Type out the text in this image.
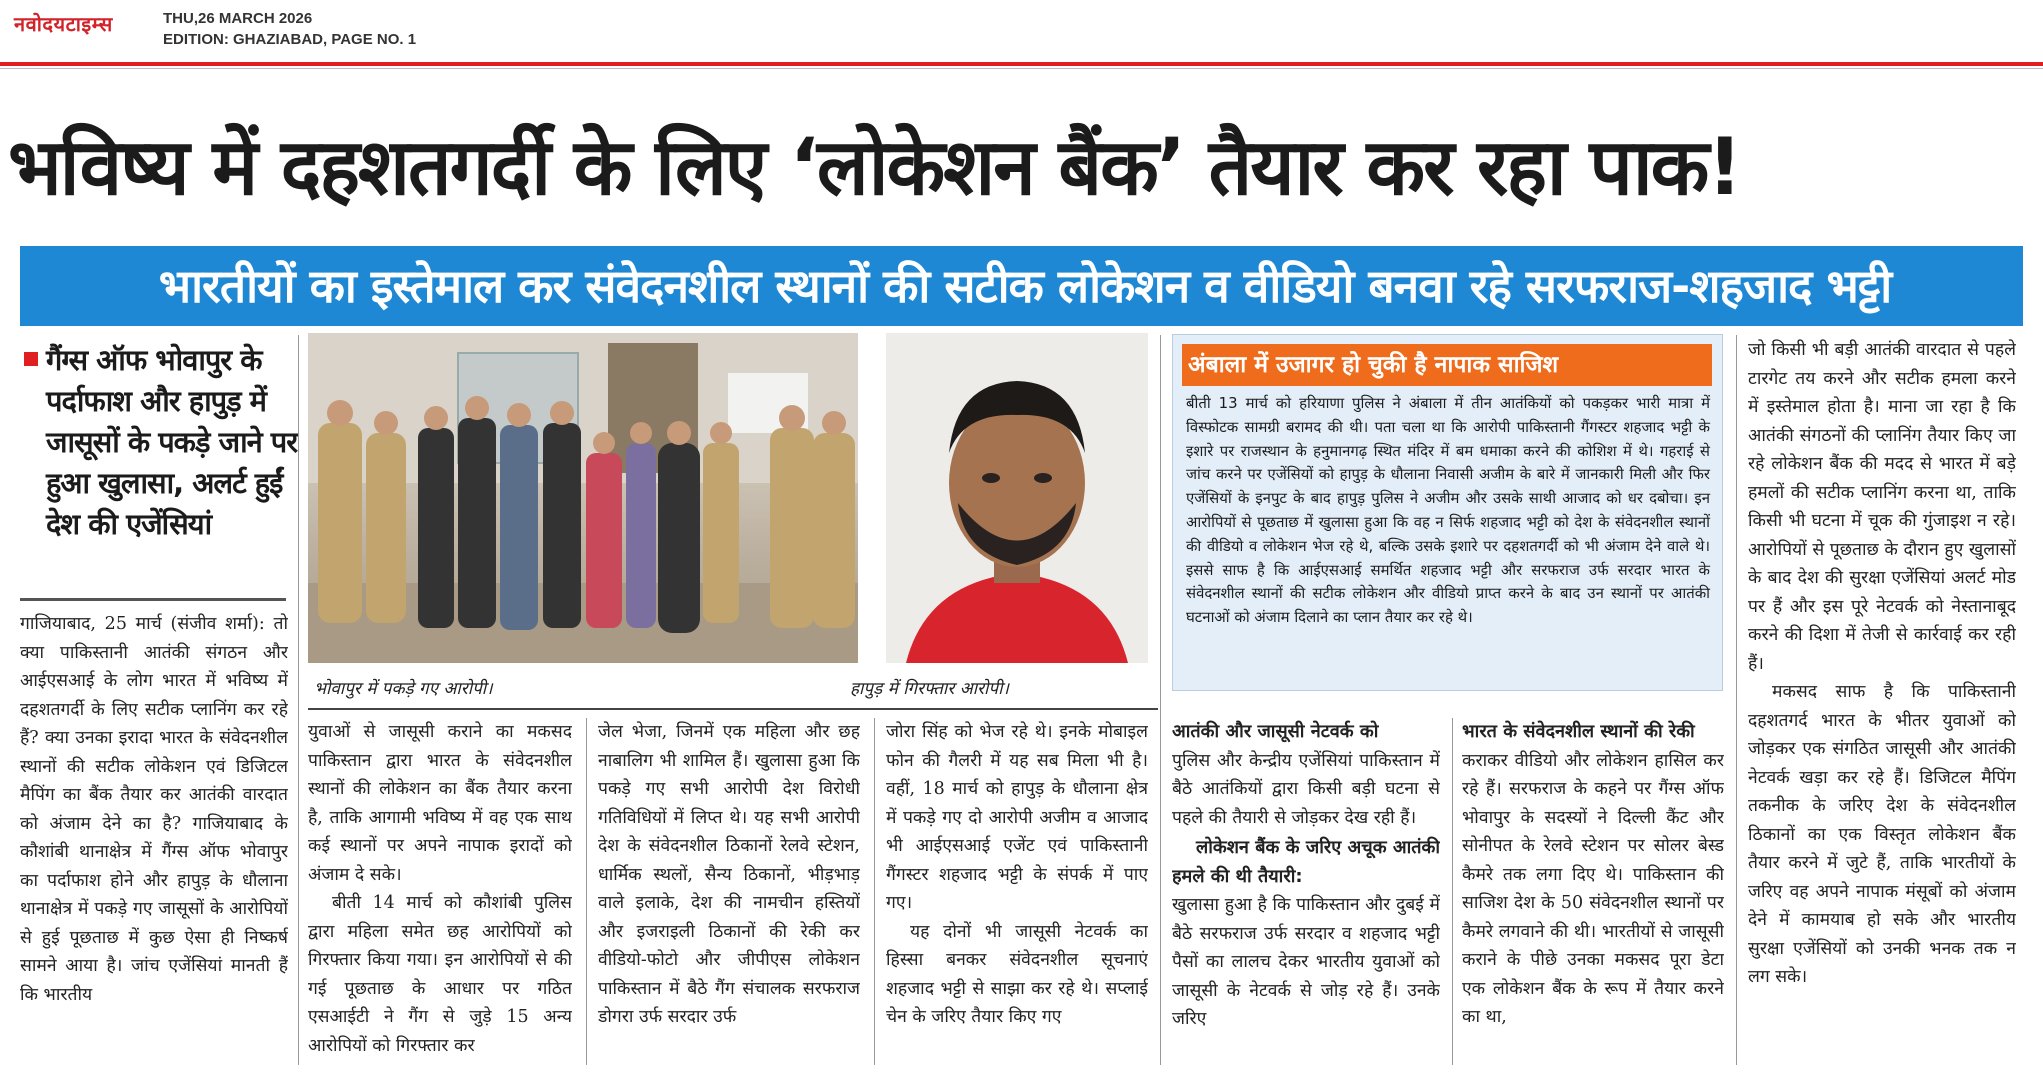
नवोदयटाइम्स	THU,26 MARCH 2026
EDITION: GHAZIABAD, PAGE NO. 1
भविष्य में दहशतगर्दी के लिए ‘लोकेशन बैंक’ तैयार कर रहा पाक!
भारतीयों का इस्तेमाल कर संवेदनशील स्थानों की सटीक लोकेशन व वीडियो बनवा रहे सरफराज-शहजाद भट्टी
गैंग्स ऑफ भोवापुर के पर्दाफाश और हापुड़ में जासूसों के पकड़े जाने पर हुआ खुलासा, अलर्ट हुईं देश की एजेंसियां
गाजियाबाद, 25 मार्च (संजीव शर्मा): तो क्या पाकिस्तानी आतंकी संगठन और आईएसआई के लोग भारत में भविष्य में दहशतगर्दी के लिए सटीक प्लानिंग कर रहे हैं? क्या उनका इरादा भारत के संवेदनशील स्थानों की सटीक लोकेशन एवं डिजिटल मैपिंग का बैंक तैयार कर आतंकी वारदात को अंजाम देने का है? गाजियाबाद के कौशांबी थानाक्षेत्र में गैंग्स ऑफ भोवापुर का पर्दाफाश होने और हापुड़ के धौलाना थानाक्षेत्र में पकड़े गए जासूसों के आरोपियों से हुई पूछताछ में कुछ ऐसा ही निष्कर्ष सामने आया है। जांच एजेंसियां मानती हैं कि भारतीय
भोवापुर में पकड़े गए आरोपी।	हापुड़ में गिरफ्तार आरोपी।
युवाओं से जासूसी कराने का मकसद पाकिस्तान द्वारा भारत के संवेदनशील स्थानों की लोकेशन का बैंक तैयार करना है, ताकि आगामी भविष्य में वह एक साथ कई स्थानों पर अपने नापाक इरादों को अंजाम दे सके।
बीती 14 मार्च को कौशांबी पुलिस द्वारा महिला समेत छह आरोपियों को गिरफ्तार किया गया। इन आरोपियों से की गई पूछताछ के आधार पर गठित एसआईटी ने गैंग से जुड़े 15 अन्य आरोपियों को गिरफ्तार कर
जेल भेजा, जिनमें एक महिला और छह नाबालिग भी शामिल हैं। खुलासा हुआ कि पकड़े गए सभी आरोपी देश विरोधी गतिविधियों में लिप्त थे। यह सभी आरोपी देश के संवेदनशील ठिकानों रेलवे स्टेशन, धार्मिक स्थलों, सैन्य ठिकानों, भीड़भाड़ वाले इलाके, देश की नामचीन हस्तियों और इजराइली ठिकानों की रेकी कर वीडियो-फोटो और जीपीएस लोकेशन पाकिस्तान में बैठे गैंग संचालक सरफराज डोगरा उर्फ सरदार उर्फ
जोरा सिंह को भेज रहे थे। इनके मोबाइल फोन की गैलरी में यह सब मिला भी है। वहीं, 18 मार्च को हापुड़ के धौलाना क्षेत्र में पकड़े गए दो आरोपी अजीम व आजाद भी आईएसआई एजेंट एवं पाकिस्तानी गैंगस्टर शहजाद भट्टी के संपर्क में पाए गए।
यह दोनों भी जासूसी नेटवर्क का हिस्सा बनकर संवेदनशील सूचनाएं शहजाद भट्टी से साझा कर रहे थे। सप्लाई चेन के जरिए तैयार किए गए
अंबाला में उजागर हो चुकी है नापाक साजिश
बीती 13 मार्च को हरियाणा पुलिस ने अंबाला में तीन आतंकियों को पकड़कर भारी मात्रा में विस्फोटक सामग्री बरामद की थी। पता चला था कि आरोपी पाकिस्तानी गैंगस्टर शहजाद भट्टी के इशारे पर राजस्थान के हनुमानगढ़ स्थित मंदिर में बम धमाका करने की कोशिश में थे। गहराई से जांच करने पर एजेंसियों को हापुड़ के धौलाना निवासी अजीम के बारे में जानकारी मिली और फिर एजेंसियों के इनपुट के बाद हापुड़ पुलिस ने अजीम और उसके साथी आजाद को धर दबोचा। इन आरोपियों से पूछताछ में खुलासा हुआ कि वह न सिर्फ शहजाद भट्टी को देश के संवेदनशील स्थानों की वीडियो व लोकेशन भेज रहे थे, बल्कि उसके इशारे पर दहशतगर्दी को भी अंजाम देने वाले थे। इससे साफ है कि आईएसआई समर्थित शहजाद भट्टी और सरफराज उर्फ सरदार भारत के संवेदनशील स्थानों की सटीक लोकेशन और वीडियो प्राप्त करने के बाद उन स्थानों पर आतंकी घटनाओं को अंजाम दिलाने का प्लान तैयार कर रहे थे।
आतंकी और जासूसी नेटवर्क को
पुलिस और केन्द्रीय एजेंसियां पाकिस्तान में बैठे आतंकियों द्वारा किसी बड़ी घटना से पहले की तैयारी से जोड़कर देख रही हैं।
लोकेशन बैंक के जरिए अचूक आतंकी हमले की थी तैयारी:
खुलासा हुआ है कि पाकिस्तान और दुबई में बैठे सरफराज उर्फ सरदार व शहजाद भट्टी पैसों का लालच देकर भारतीय युवाओं को जासूसी के नेटवर्क से जोड़ रहे हैं। उनके जरिए
भारत के संवेदनशील स्थानों की रेकी
कराकर वीडियो और लोकेशन हासिल कर रहे हैं। सरफराज के कहने पर गैंग्स ऑफ भोवापुर के सदस्यों ने दिल्ली कैंट और सोनीपत के रेलवे स्टेशन पर सोलर बेस्ड कैमरे तक लगा दिए थे। पाकिस्तान की साजिश देश के 50 संवेदनशील स्थानों पर कैमरे लगवाने की थी। भारतीयों से जासूसी कराने के पीछे उनका मकसद पूरा डेटा एक लोकेशन बैंक के रूप में तैयार करने का था,
जो किसी भी बड़ी आतंकी वारदात से पहले टारगेट तय करने और सटीक हमला करने में इस्तेमाल होता है। माना जा रहा है कि आतंकी संगठनों की प्लानिंग तैयार किए जा रहे लोकेशन बैंक की मदद से भारत में बड़े हमलों की सटीक प्लानिंग करना था, ताकि किसी भी घटना में चूक की गुंजाइश न रहे। आरोपियों से पूछताछ के दौरान हुए खुलासों के बाद देश की सुरक्षा एजेंसियां अलर्ट मोड पर हैं और इस पूरे नेटवर्क को नेस्तानाबूद करने की दिशा में तेजी से कार्रवाई कर रही हैं।
मकसद साफ है कि पाकिस्तानी दहशतगर्द भारत के भीतर युवाओं को जोड़कर एक संगठित जासूसी और आतंकी नेटवर्क खड़ा कर रहे हैं। डिजिटल मैपिंग तकनीक के जरिए देश के संवेदनशील ठिकानों का एक विस्तृत लोकेशन बैंक तैयार करने में जुटे हैं, ताकि भारतीयों के जरिए वह अपने नापाक मंसूबों को अंजाम देने में कामयाब हो सके और भारतीय सुरक्षा एजेंसियों को उनकी भनक तक न लग सके।
